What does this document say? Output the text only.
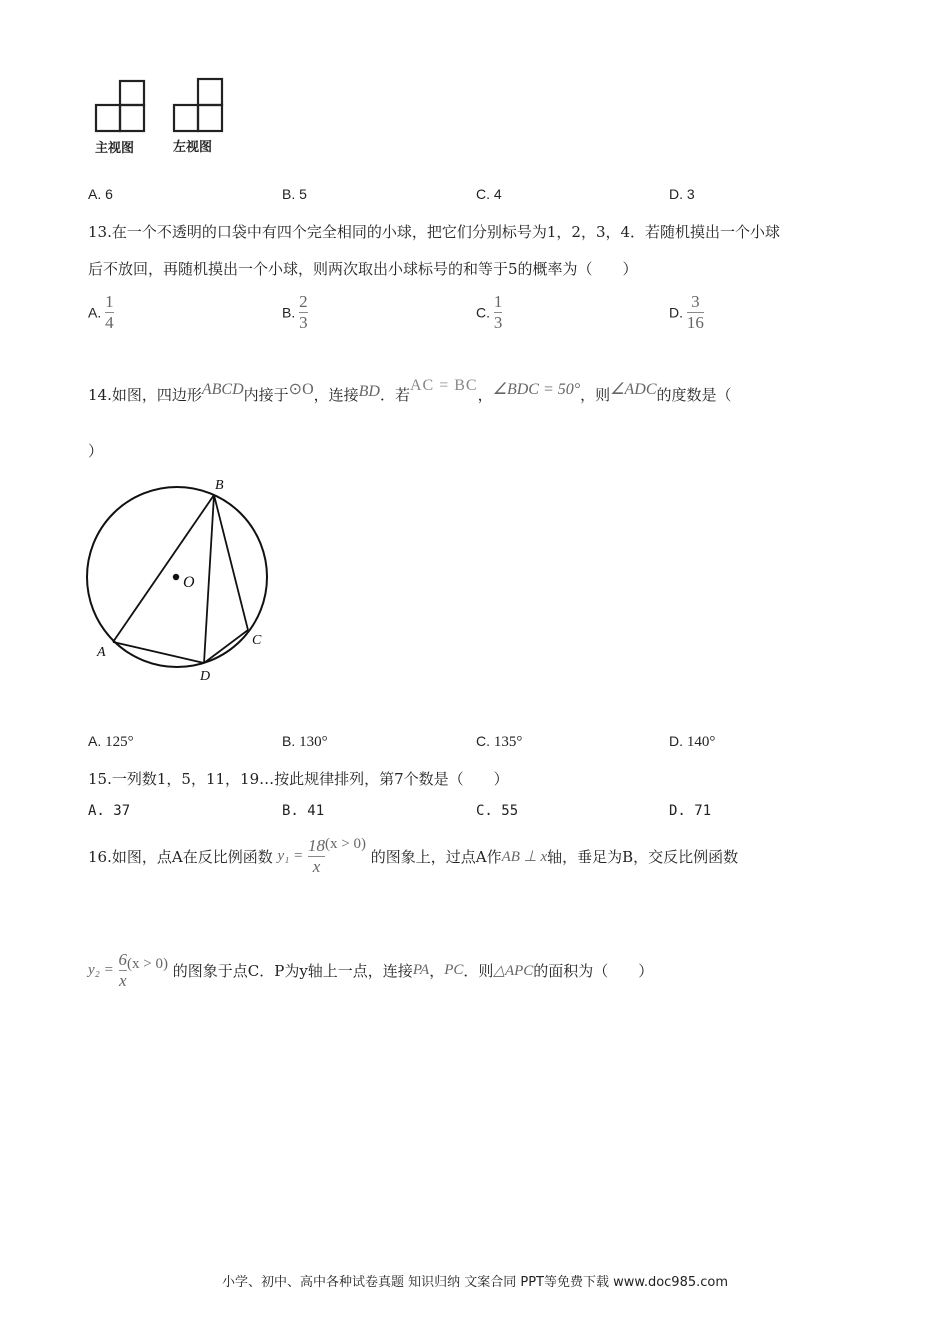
主视图	左视图
A. 6	B. 5	C. 4	D. 3
13.在一个不透明的口袋中有四个完全相同的小球，把它们分别标号为1，2，3，4．若随机摸出一个小球
后不放回，再随机摸出一个小球，则两次取出小球标号的和等于5的概率为（　　）
A. $\frac{1}{4}$	B. $\frac{2}{3}$	C. $\frac{1}{3}$	D. $\frac{3}{16}$
14.如图，四边形ABCD内接于⊙O，连接BD．若AC = BC，∠BDC = 50°，则∠ADC的度数是（
）
B
O
C
A
D
A. 125°	B. 130°	C. 135°	D. 140°
15.一列数1，5，11，19…按此规律排列，第7个数是（　　）
A. 37	B. 41	C. 55	D. 71
16.如图，点A在反比例函数 $y_1 = \frac{18}{x} (x > 0)$ 的图象上，过点A作AB ⊥ x轴，垂足为B，交反比例函数
$y_2 = \frac{6}{x} (x > 0)$ 的图象于点C．P为y轴上一点，连接PA，PC．则△APC的面积为（　　）
小学、初中、高中各种试卷真题 知识归纳 文案合同 PPT等免费下载 www.doc985.com
